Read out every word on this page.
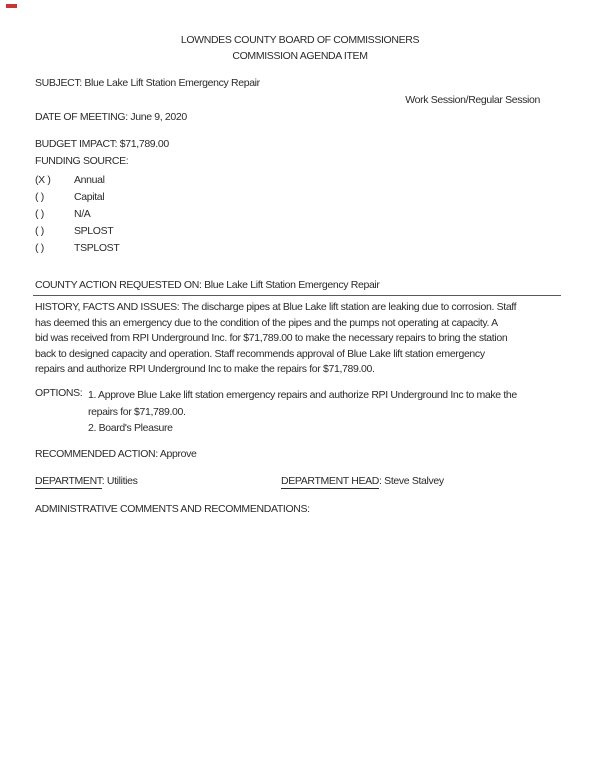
LOWNDES COUNTY BOARD OF COMMISSIONERS
COMMISSION AGENDA ITEM
SUBJECT: Blue Lake Lift Station Emergency Repair
Work Session/Regular Session
DATE OF MEETING: June 9, 2020
BUDGET IMPACT: $71,789.00
FUNDING SOURCE:
(X ) Annual
( )	Capital
( )	N/A
( )	SPLOST
( )	TSPLOST
COUNTY ACTION REQUESTED ON: Blue Lake Lift Station Emergency Repair
HISTORY, FACTS AND ISSUES: The discharge pipes at Blue Lake lift station are leaking due to corrosion. Staff
has deemed this an emergency due to the condition of the pipes and the pumps not operating at capacity. A
bid was received from RPI Underground Inc. for $71,789.00 to make the necessary repairs to bring the station
back to designed capacity and operation. Staff recommends approval of Blue Lake lift station emergency
repairs and authorize RPI Underground Inc to make the repairs for $71,789.00.
OPTIONS: 1. Approve Blue Lake lift station emergency repairs and authorize RPI Underground Inc to make the
repairs for $71,789.00.
2. Board's Pleasure
RECOMMENDED ACTION: Approve
DEPARTMENT: Utilities	DEPARTMENT HEAD: Steve Stalvey
ADMINISTRATIVE COMMENTS AND RECOMMENDATIONS:
